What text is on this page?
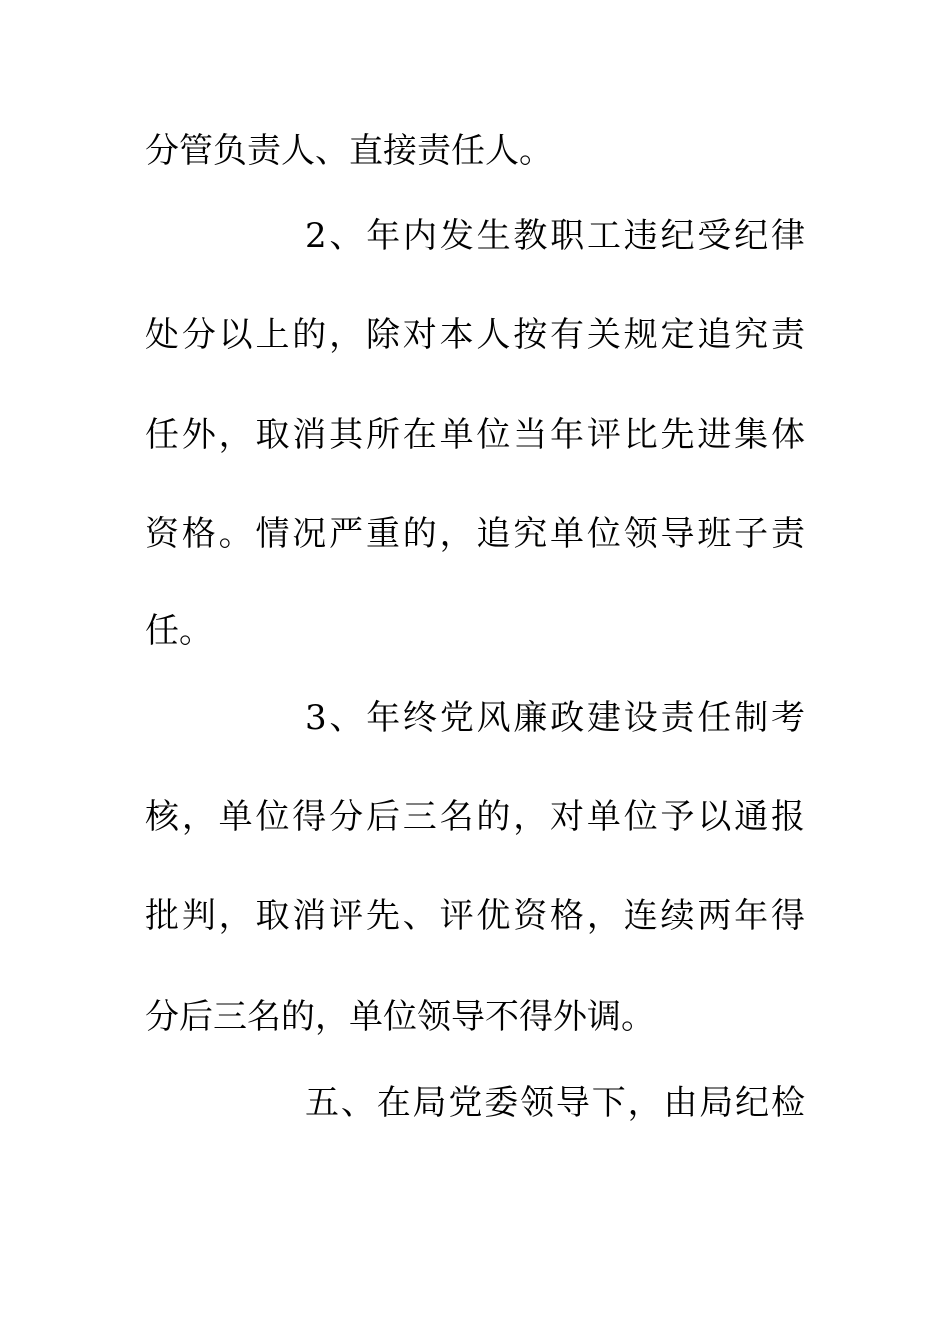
分管负责人、直接责任人。
2、年内发生教职工违纪受纪律
处分以上的，除对本人按有关规定追究责
任外，取消其所在单位当年评比先进集体
资格。情况严重的，追究单位领导班子责
任。
3、年终党风廉政建设责任制考
核，单位得分后三名的，对单位予以通报
批判，取消评先、评优资格，连续两年得
分后三名的，单位领导不得外调。
五、在局党委领导下，由局纪检
